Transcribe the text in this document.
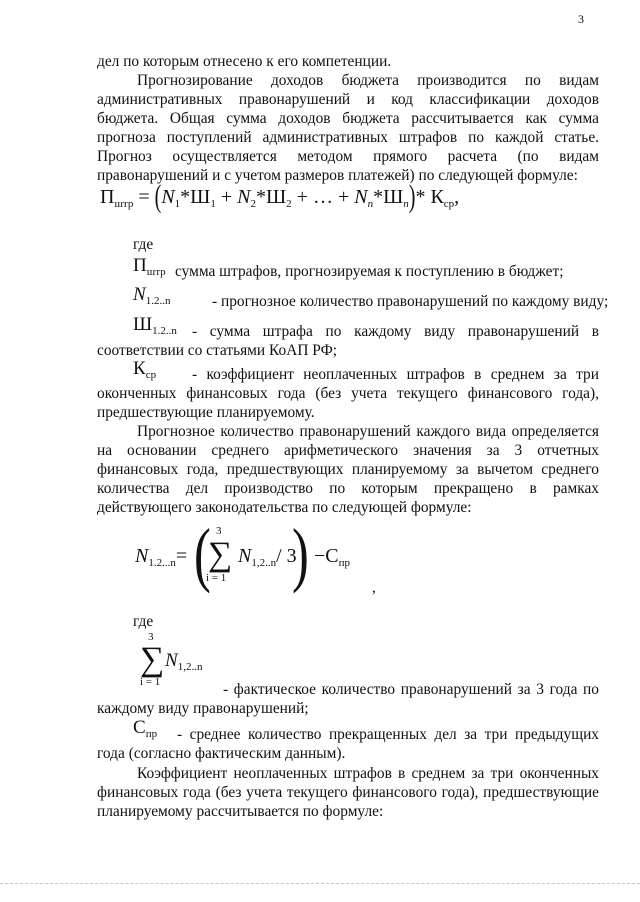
3
дел по которым отнесено к его компетенции.
Прогнозирование доходов бюджета производится по видам административных правонарушений и код классификации доходов бюджета. Общая сумма доходов бюджета рассчитывается как сумма прогноза поступлений административных штрафов по каждой статье. Прогноз осуществляется методом прямого расчета (по видам правонарушений и с учетом размеров платежей) по следующей формуле:
$П_{штр} = (N_1*Ш_1 + N_2*Ш_2$ + … + $N_n*Ш_n)*$ $К_{ср}$,
где
$П_{штр}$ сумма штрафов, прогнозируемая к поступлению в бюджет;
$N_{1.2..n}$	- прогнозное количество правонарушений по каждому виду;
$Ш_{1.2..n}$ - сумма штрафа по каждому виду правонарушений в соответствии со статьями КоАП РФ;
$К_{ср}$	- коэффициент неоплаченных штрафов в среднем за три оконченных финансовых года (без учета текущего финансового года), предшествующие планируемому.
Прогнозное количество правонарушений каждого вида определяется на основании среднего арифметического значения за 3 отчетных финансовых года, предшествующих планируемому за вычетом среднего количества дел производство по которым прекращено в рамках действующего законодательства по следующей формуле:
$N_{1.2...n}=$ ( 3
∑
i = 1
$N_{1,2..n}/$ 3
) $-С_{пр}$
,
где
3
∑
i = 1
$N_{1,2..n}$
- фактическое количество правонарушений за 3 года по каждому виду правонарушений;
$С_{пр}$	- среднее количество прекращенных дел за три предыдущих года (согласно фактическим данным).
Коэффициент неоплаченных штрафов в среднем за три оконченных финансовых года (без учета текущего финансового года), предшествующие планируемому рассчитывается по формуле:
